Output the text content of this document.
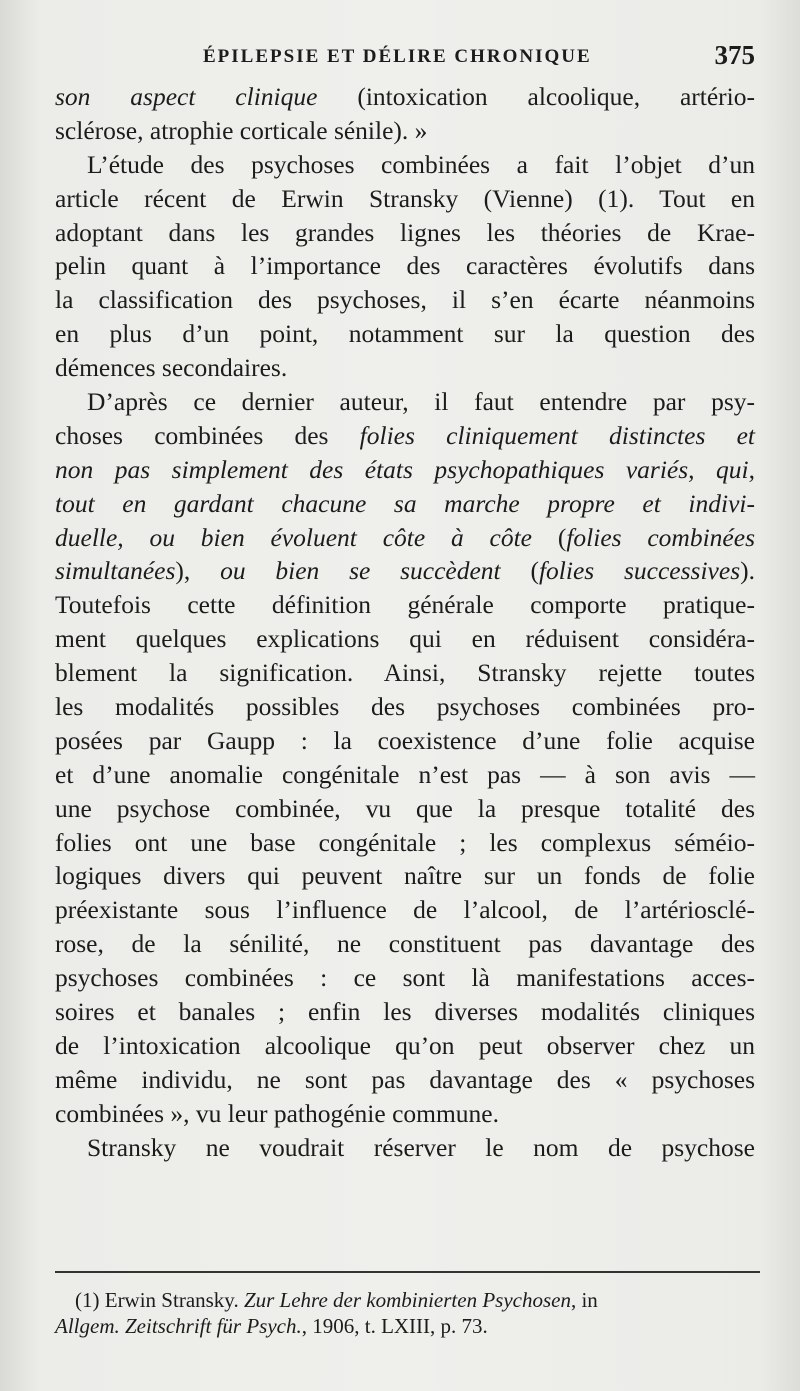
ÉPILEPSIE ET DÉLIRE CHRONIQUE	375
son aspect clinique (intoxication alcoolique, artério-
sclérose, atrophie corticale sénile). »
L’étude des psychoses combinées a fait l’objet d’un
article récent de Erwin Stransky (Vienne) (1). Tout en
adoptant dans les grandes lignes les théories de Krae-
pelin quant à l’importance des caractères évolutifs dans
la classification des psychoses, il s’en écarte néanmoins
en plus d’un point, notamment sur la question des
démences secondaires.
D’après ce dernier auteur, il faut entendre par psy-
choses combinées des folies cliniquement distinctes et
non pas simplement des états psychopathiques variés, qui,
tout en gardant chacune sa marche propre et indivi-
duelle, ou bien évoluent côte à côte (folies combinées
simultanées), ou bien se succèdent (folies successives).
Toutefois cette définition générale comporte pratique-
ment quelques explications qui en réduisent considéra-
blement la signification. Ainsi, Stransky rejette toutes
les modalités possibles des psychoses combinées pro-
posées par Gaupp : la coexistence d’une folie acquise
et d’une anomalie congénitale n’est pas — à son avis —
une psychose combinée, vu que la presque totalité des
folies ont une base congénitale ; les complexus séméio-
logiques divers qui peuvent naître sur un fonds de folie
préexistante sous l’influence de l’alcool, de l’artériosclé-
rose, de la sénilité, ne constituent pas davantage des
psychoses combinées : ce sont là manifestations acces-
soires et banales ; enfin les diverses modalités cliniques
de l’intoxication alcoolique qu’on peut observer chez un
même individu, ne sont pas davantage des « psychoses
combinées », vu leur pathogénie commune.
Stransky ne voudrait réserver le nom de psychose
(1) Erwin Stransky. Zur Lehre der kombinierten Psychosen, in
Allgem. Zeitschrift für Psych., 1906, t. LXIII, p. 73.
